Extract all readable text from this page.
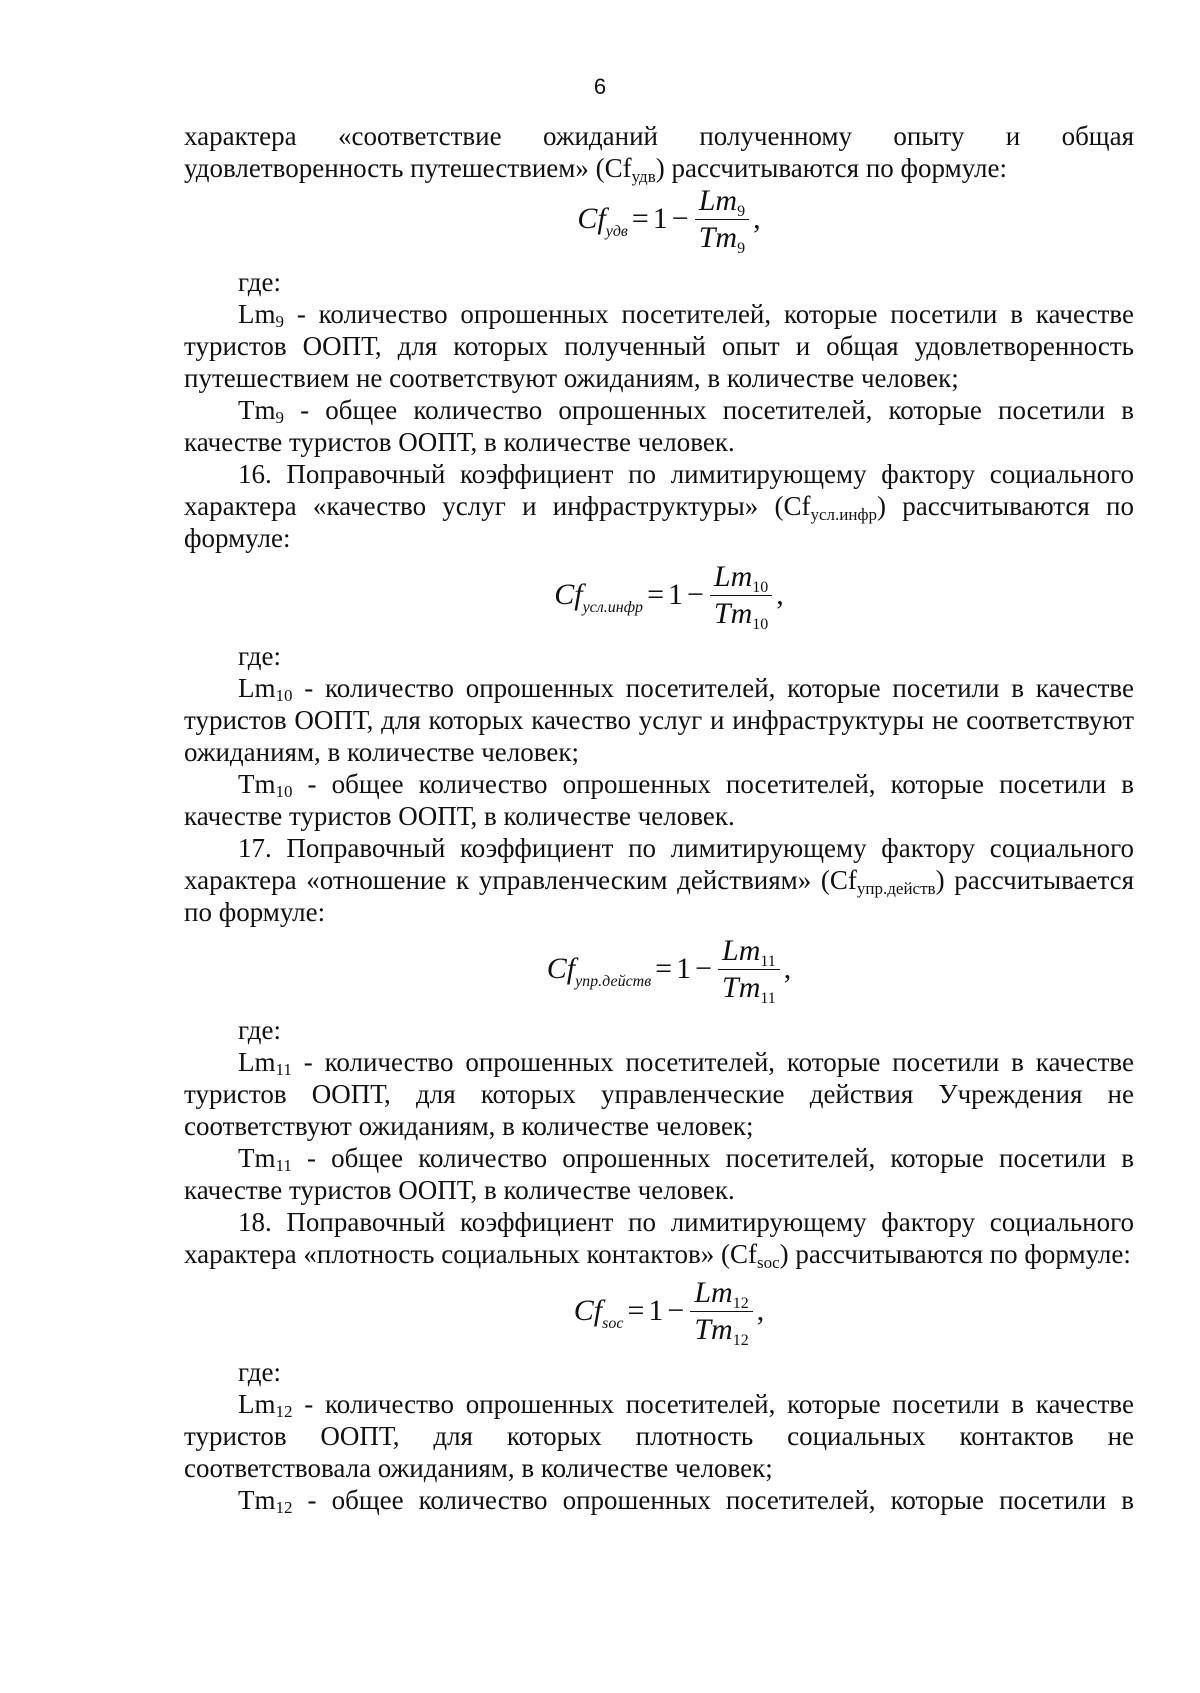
6

характера «соответствие ожиданий полученному опыту и общая

удовлетворенность путешествием» $(Cf_{удв})$ рассчитываются по формуле:

$Cf_{удв} = 1 - \frac{Lm_9}{Tm_9}$ ,

где:

$Lm_9$ - количество опрошенных посетителей, которые посетили в качестве туристов ООПТ, для которых полученный опыт и общая удовлетворенность путешествием не соответствуют ожиданиям, в количестве человек;

$Tm_9$ - общее количество опрошенных посетителей, которые посетили в качестве туристов ООПТ, в количестве человек.

16. Поправочный коэффициент по лимитирующему фактору социального характера «качество услуг и инфраструктуры» $(Cf_{усл.инфр})$ рассчитываются по формуле:

$Cf_{усл.инфр} = 1 - \frac{Lm_{10}}{Tm_{10}}$ ,

где:

$Lm_{10}$ - количество опрошенных посетителей, которые посетили в качестве туристов ООПТ, для которых качество услуг и инфраструктуры не соответствуют ожиданиям, в количестве человек;

$Tm_{10}$ - общее количество опрошенных посетителей, которые посетили в качестве туристов ООПТ, в количестве человек.

17. Поправочный коэффициент по лимитирующему фактору социального характера «отношение к управленческим действиям» $(Cf_{упр.действ})$ рассчитывается по формуле:

$Cf_{упр.действ} = 1 - \frac{Lm_{11}}{Tm_{11}}$ ,

где:

$Lm_{11}$ - количество опрошенных посетителей, которые посетили в качестве туристов ООПТ, для которых управленческие действия Учреждения не соответствуют ожиданиям, в количестве человек;

$Tm_{11}$ - общее количество опрошенных посетителей, которые посетили в качестве туристов ООПТ, в количестве человек.

18. Поправочный коэффициент по лимитирующему фактору социального характера «плотность социальных контактов» $(Cf_{soc})$ рассчитываются по формуле:

$Cf_{soc} = 1 - \frac{Lm_{12}}{Tm_{12}}$ ,

где:

$Lm_{12}$ - количество опрошенных посетителей, которые посетили в качестве туристов ООПТ, для которых плотность социальных контактов не соответствовала ожиданиям, в количестве человек;

$Tm_{12}$ - общее количество опрошенных посетителей, которые посетили в
